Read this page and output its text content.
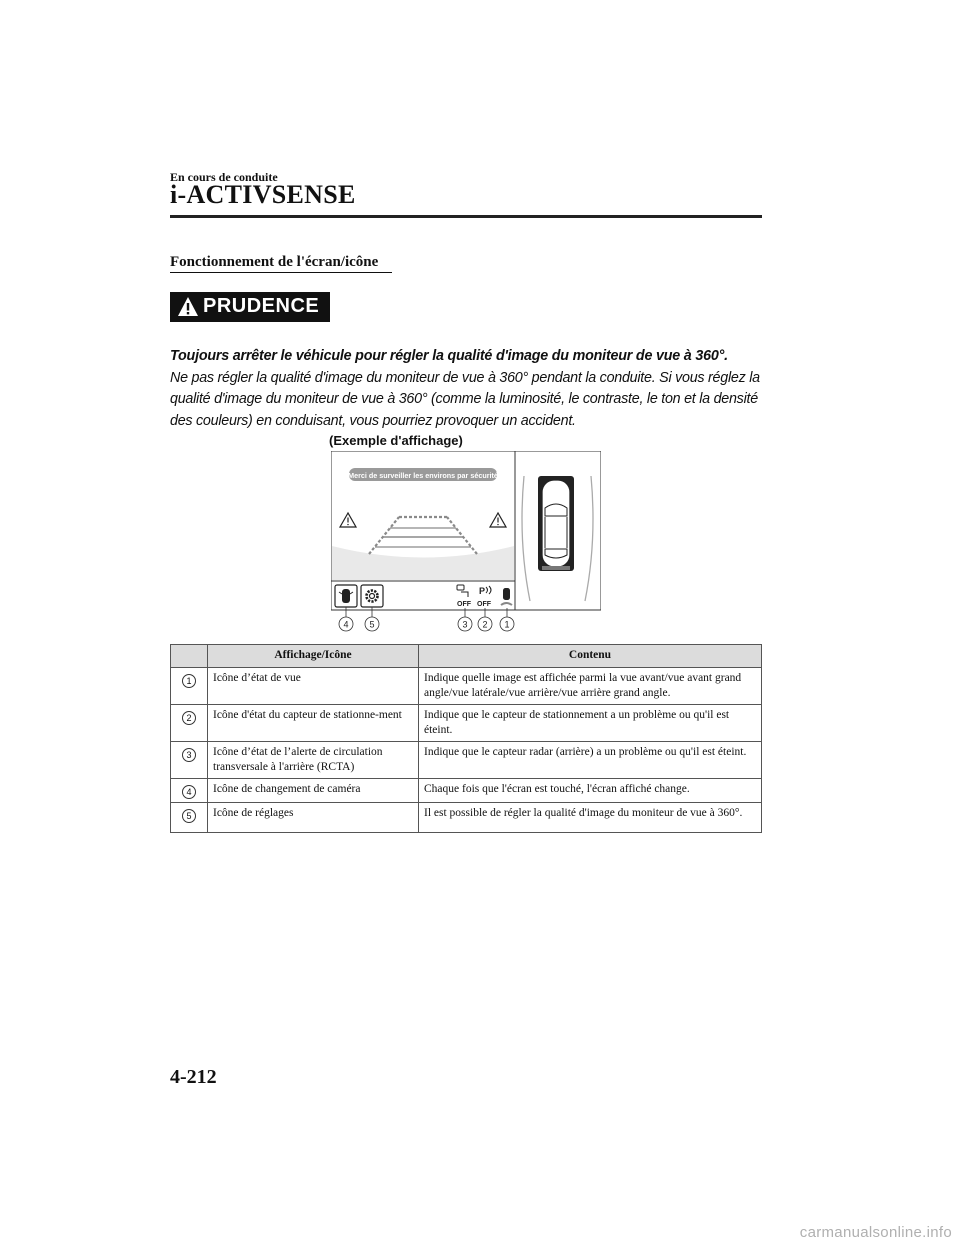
En cours de conduite
i-ACTIVSENSE
Fonctionnement de l'écran/icône
PRUDENCE
Toujours arrêter le véhicule pour régler la qualité d'image du moniteur de vue à 360°.
Ne pas régler la qualité d'image du moniteur de vue à 360° pendant la conduite. Si vous réglez la qualité d'image du moniteur de vue à 360° (comme la luminosité, le contraste, le ton et la densité des couleurs) en conduisant, vous pourriez provoquer un accident.
(Exemple d'affichage)
Merci de surveiller les environs par sécurité
OFF
P
OFF
4 5	3 2 1
	Affichage/Icône	Contenu
1	Icône d’état de vue	Indique quelle image est affichée parmi la vue avant/vue avant grand angle/vue latérale/vue arrière/vue arrière grand angle.
2	Icône d'état du capteur de stationne-ment	Indique que le capteur de stationnement a un problème ou qu'il est éteint.
3	Icône d’état de l’alerte de circulation transversale à l'arrière (RCTA)	Indique que le capteur radar (arrière) a un problème ou qu'il est éteint.
4	Icône de changement de caméra	Chaque fois que l'écran est touché, l'écran affiché change.
5	Icône de réglages	Il est possible de régler la qualité d'image du moniteur de vue à 360°.
4-212
carmanualsonline.info
